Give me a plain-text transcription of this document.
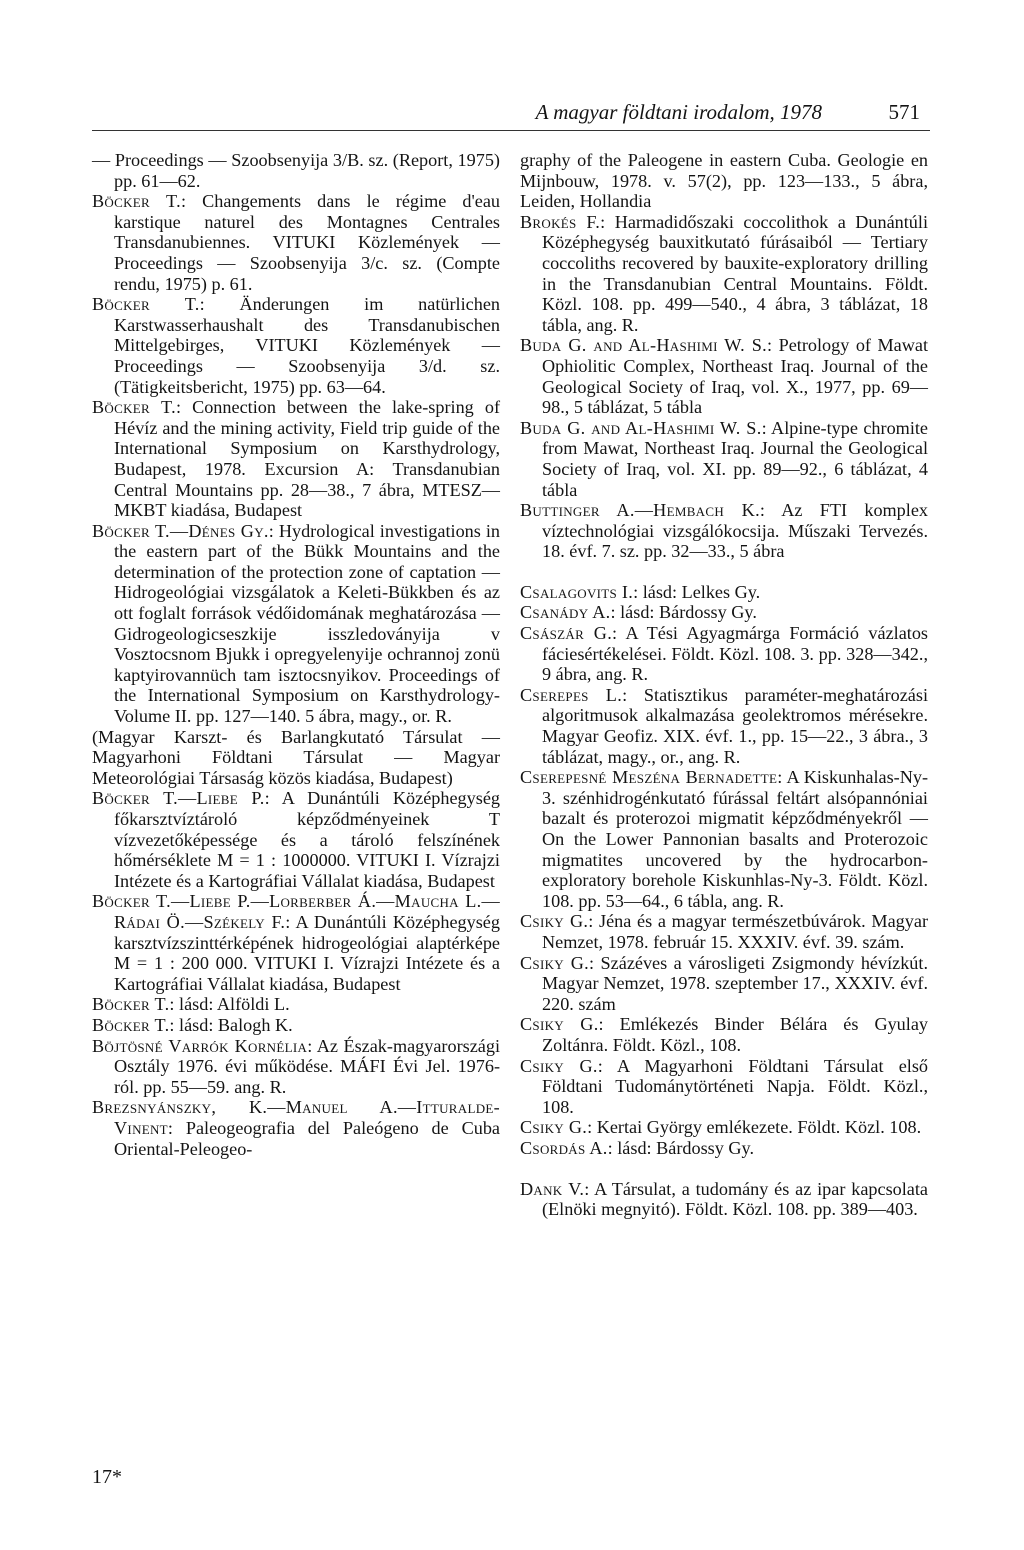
A magyar földtani irodalom, 1978	571

— Proceedings — Szoobsenyija 3/B. sz. (Report, 1975) pp. 61—62.

Böcker T.: Changements dans le régime d'eau karstique naturel des Montagnes Centrales Transdanubiennes. VITUKI Közlemények — Proceedings — Szoobsenyija 3/c. sz. (Compte rendu, 1975) p. 61.

Böcker T.: Änderungen im natürlichen Karstwasserhaushalt des Transdanubischen Mittelgebirges, VITUKI Közlemények — Proceedings — Szoobsenyija 3/d. sz. (Tätigkeitsbericht, 1975) pp. 63—64.

Böcker T.: Connection between the lake-spring of Hévíz and the mining activity, Field trip guide of the International Symposium on Karsthydrology, Budapest, 1978. Excursion A: Transdanubian Central Mountains pp. 28—38., 7 ábra, MTESZ—MKBT kiadása, Budapest

Böcker T.—Dénes Gy.: Hydrological investigations in the eastern part of the Bükk Mountains and the determination of the protection zone of captation — Hidrogeológiai vizsgálatok a Keleti-Bükkben és az ott foglalt források védőidomának meghatározása — Gidrogeologicseszkije isszledoványija v Vosztocsnom Bjukk i opregyelenyije ochrannoj zonü kaptyirovannüch tam isztocsnyikov. Proceedings of the International Symposium on Karsthydrology-Volume II. pp. 127—140. 5 ábra, magy., or. R.

(Magyar Karszt- és Barlangkutató Társulat — Magyarhoni Földtani Társulat — Magyar Meteorológiai Társaság közös kiadása, Budapest)

Böcker T.—Liebe P.: A Dunántúli Középhegység főkarsztvíztároló képződményeinek T vízvezetőképessége és a tároló felszínének hőmérséklete M = 1 : 1000000. VITUKI I. Vízrajzi Intézete és a Kartográfiai Vállalat kiadása, Budapest

Böcker T.—Liebe P.—Lorberber Á.—Maucha L.— Rádai Ö.—Székely F.: A Dunántúli Középhegység karsztvízszinttérképének hidrogeológiai alaptérképe M = 1 : 200 000. VITUKI I. Vízrajzi Intézete és a Kartográfiai Vállalat kiadása, Budapest

Böcker T.: lásd: Alföldi L.

Böcker T.: lásd: Balogh K.

Böjtösné Varrók Kornélia: Az Észak-magyarországi Osztály 1976. évi működése. MÁFI Évi Jel. 1976-ról. pp. 55—59. ang. R.

Brezsnyánszky, K.—Manuel A.—Itturalde-Vinent: Paleogeografia del Paleógeno de Cuba Oriental-Peleogeo-

graphy of the Paleogene in eastern Cuba. Geologie en Mijnbouw, 1978. v. 57(2), pp. 123—133., 5 ábra, Leiden, Hollandia

Brokés F.: Harmadidőszaki coccolithok a Dunántúli Középhegység bauxitkutató fúrásaiból — Tertiary coccoliths recovered by bauxite-exploratory drilling in the Transdanubian Central Mountains. Földt. Közl. 108. pp. 499—540., 4 ábra, 3 táblázat, 18 tábla, ang. R.

Buda G. and Al-Hashimi W. S.: Petrology of Mawat Ophiolitic Complex, Northeast Iraq. Journal of the Geological Society of Iraq, vol. X., 1977, pp. 69—98., 5 táblázat, 5 tábla

Buda G. and Al-Hashimi W. S.: Alpine-type chromite from Mawat, Northeast Iraq. Journal the Geological Society of Iraq, vol. XI. pp. 89—92., 6 táblázat, 4 tábla

Buttinger A.—Hembach K.: Az FTI komplex víztechnológiai vizsgálókocsija. Műszaki Tervezés. 18. évf. 7. sz. pp. 32—33., 5 ábra

Csalagovits I.: lásd: Lelkes Gy.

Csanády A.: lásd: Bárdossy Gy.

Császár G.: A Tési Agyagmárga Formáció vázlatos fáciesértékelései. Földt. Közl. 108. 3. pp. 328—342., 9 ábra, ang. R.

Cserepes L.: Statisztikus paraméter-meghatározási algoritmusok alkalmazása geolektromos mérésekre. Magyar Geofiz. XIX. évf. 1., pp. 15—22., 3 ábra., 3 táblázat, magy., or., ang. R.

Cserepesné Meszéna Bernadette: A Kiskunhalas-Ny-3. szénhidrogénkutató fúrással feltárt alsópannóniai bazalt és proterozoi migmatit képződményekről — On the Lower Pannonian basalts and Proterozoic migmatites uncovered by the hydrocarbon-exploratory borehole Kiskunhlas-Ny-3. Földt. Közl. 108. pp. 53—64., 6 tábla, ang. R.

Csiky G.: Jéna és a magyar természetbúvárok. Magyar Nemzet, 1978. február 15. XXXIV. évf. 39. szám.

Csiky G.: Százéves a városligeti Zsigmondy hévízkút. Magyar Nemzet, 1978. szeptember 17., XXXIV. évf. 220. szám

Csiky G.: Emlékezés Binder Bélára és Gyulay Zoltánra. Földt. Közl., 108.

Csiky G.: A Magyarhoni Földtani Társulat első Földtani Tudománytörténeti Napja. Földt. Közl., 108.

Csiky G.: Kertai György emlékezete. Földt. Közl. 108.

Csordás A.: lásd: Bárdossy Gy.

Dank V.: A Társulat, a tudomány és az ipar kapcsolata (Elnöki megnyitó). Földt. Közl. 108. pp. 389—403.

17*
